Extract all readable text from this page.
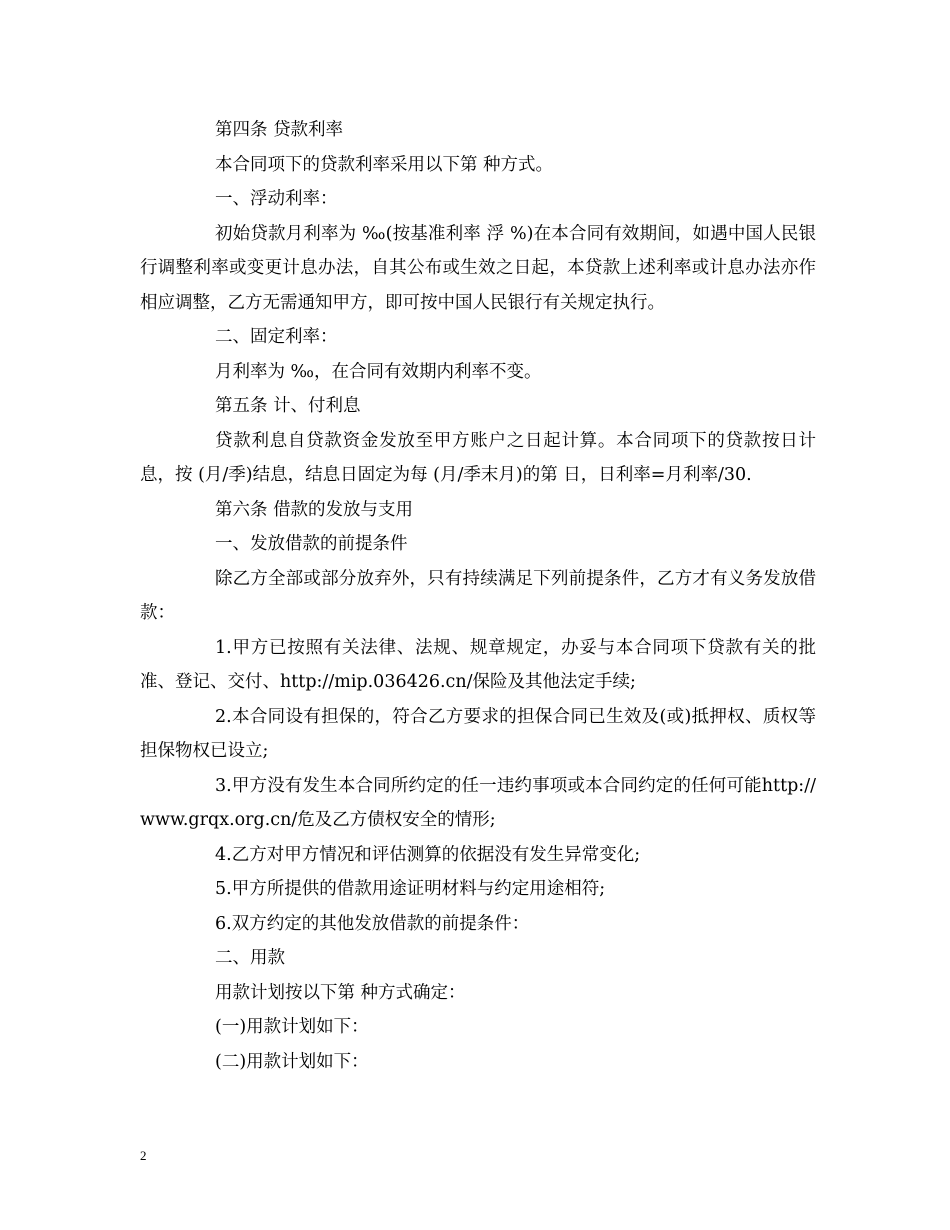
第四条 贷款利率

本合同项下的贷款利率采用以下第 种方式。

一、浮动利率：

初始贷款月利率为 ‰(按基准利率 浮 %)在本合同有效期间，如遇中国人民银行调整利率或变更计息办法，自其公布或生效之日起，本贷款上述利率或计息办法亦作相应调整，乙方无需通知甲方，即可按中国人民银行有关规定执行。

二、固定利率：

月利率为 ‰，在合同有效期内利率不变。

第五条 计、付利息

贷款利息自贷款资金发放至甲方账户之日起计算。本合同项下的贷款按日计息，按 (月/季)结息，结息日固定为每 (月/季末月)的第 日，日利率=月利率/30.

第六条 借款的发放与支用

一、发放借款的前提条件

除乙方全部或部分放弃外，只有持续满足下列前提条件，乙方才有义务发放借款：

1.甲方已按照有关法律、法规、规章规定，办妥与本合同项下贷款有关的批准、登记、交付、http://mip.036426.cn/保险及其他法定手续;

2.本合同设有担保的，符合乙方要求的担保合同已生效及(或)抵押权、质权等担保物权已设立;

3.甲方没有发生本合同所约定的任一违约事项或本合同约定的任何可能http://www.grqx.org.cn/危及乙方债权安全的情形;

4.乙方对甲方情况和评估测算的依据没有发生异常变化;

5.甲方所提供的借款用途证明材料与约定用途相符;

6.双方约定的其他发放借款的前提条件：

二、用款

用款计划按以下第 种方式确定：

(一)用款计划如下：

(二)用款计划如下：

2
